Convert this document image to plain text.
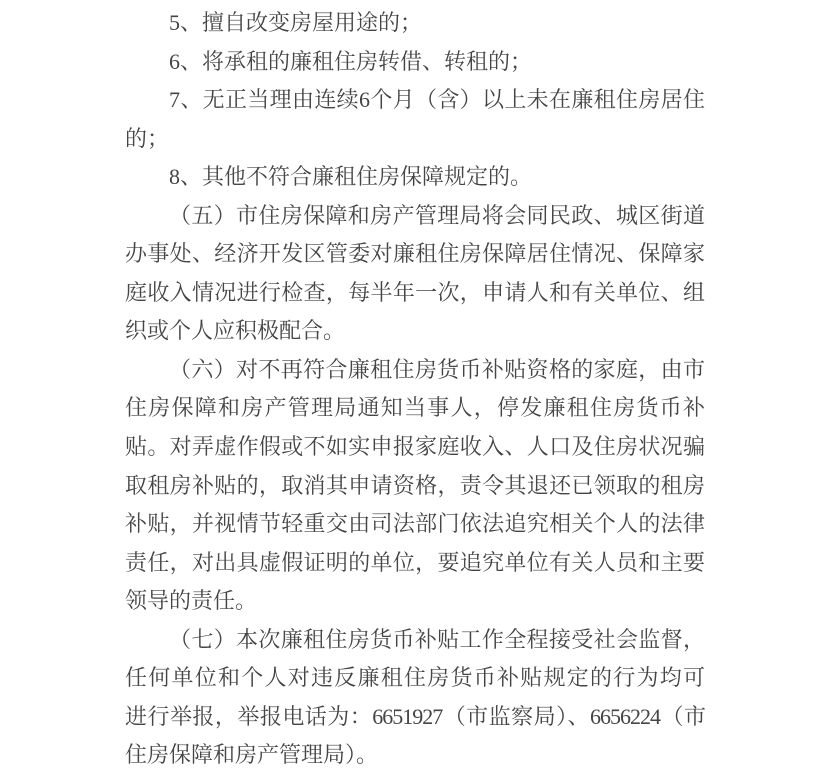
5、擅自改变房屋用途的；
6、将承租的廉租住房转借、转租的；
7、无正当理由连续6个月（含）以上未在廉租住房居住
的；
8、其他不符合廉租住房保障规定的。
（五）市住房保障和房产管理局将会同民政、城区街道
办事处、经济开发区管委对廉租住房保障居住情况、保障家
庭收入情况进行检查，每半年一次，申请人和有关单位、组
织或个人应积极配合。
（六）对不再符合廉租住房货币补贴资格的家庭，由市
住房保障和房产管理局通知当事人，停发廉租住房货币补
贴。对弄虚作假或不如实申报家庭收入、人口及住房状况骗
取租房补贴的，取消其申请资格，责令其退还已领取的租房
补贴，并视情节轻重交由司法部门依法追究相关个人的法律
责任，对出具虚假证明的单位，要追究单位有关人员和主要
领导的责任。
（七）本次廉租住房货币补贴工作全程接受社会监督，
任何单位和个人对违反廉租住房货币补贴规定的行为均可
进行举报，举报电话为：6651927（市监察局）、6656224（市
住房保障和房产管理局）。
